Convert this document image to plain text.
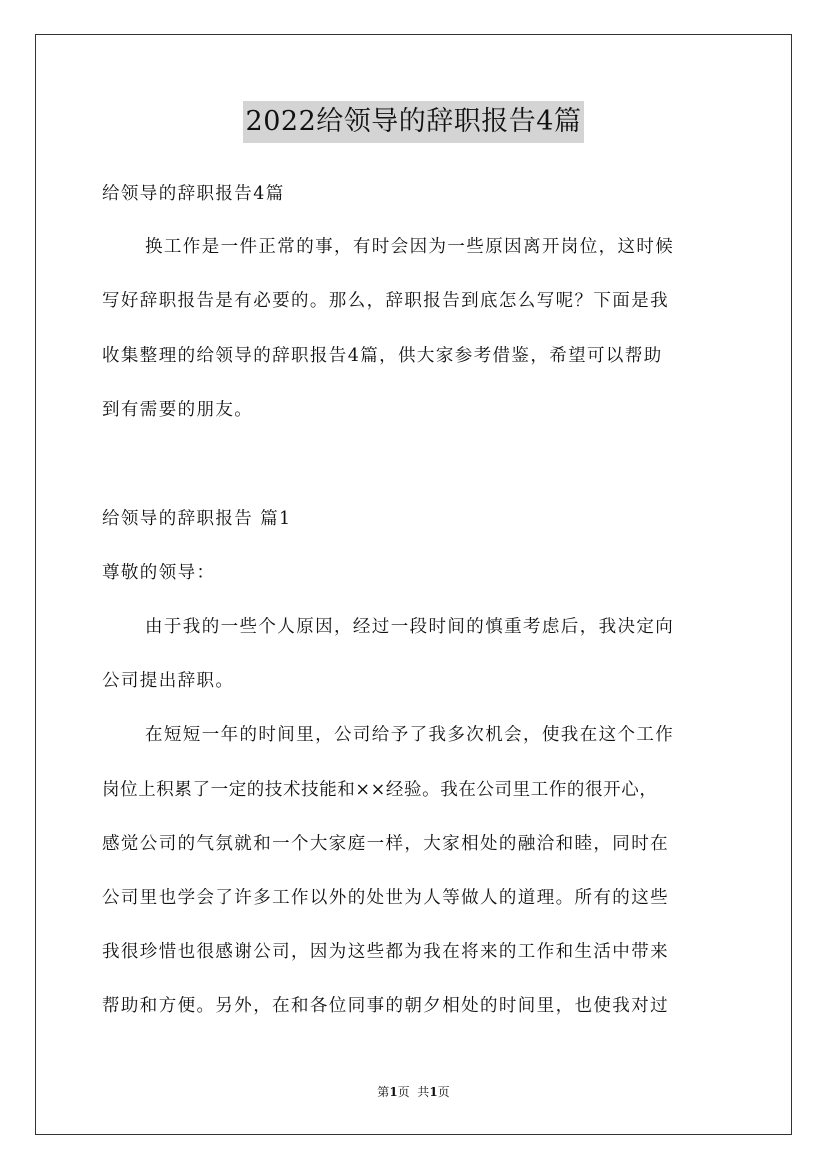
2022给领导的辞职报告4篇
给领导的辞职报告4篇
换工作是一件正常的事，有时会因为一些原因离开岗位，这时候
写好辞职报告是有必要的。那么，辞职报告到底怎么写呢？下面是我
收集整理的给领导的辞职报告4篇，供大家参考借鉴，希望可以帮助
到有需要的朋友。
给领导的辞职报告 篇1
尊敬的领导：
由于我的一些个人原因，经过一段时间的慎重考虑后，我决定向
公司提出辞职。
在短短一年的时间里，公司给予了我多次机会，使我在这个工作
岗位上积累了一定的技术技能和××经验。我在公司里工作的很开心，
感觉公司的气氛就和一个大家庭一样，大家相处的融洽和睦，同时在
公司里也学会了许多工作以外的处世为人等做人的道理。所有的这些
我很珍惜也很感谢公司，因为这些都为我在将来的工作和生活中带来
帮助和方便。另外，在和各位同事的朝夕相处的时间里，也使我对过
第1页  共1页
